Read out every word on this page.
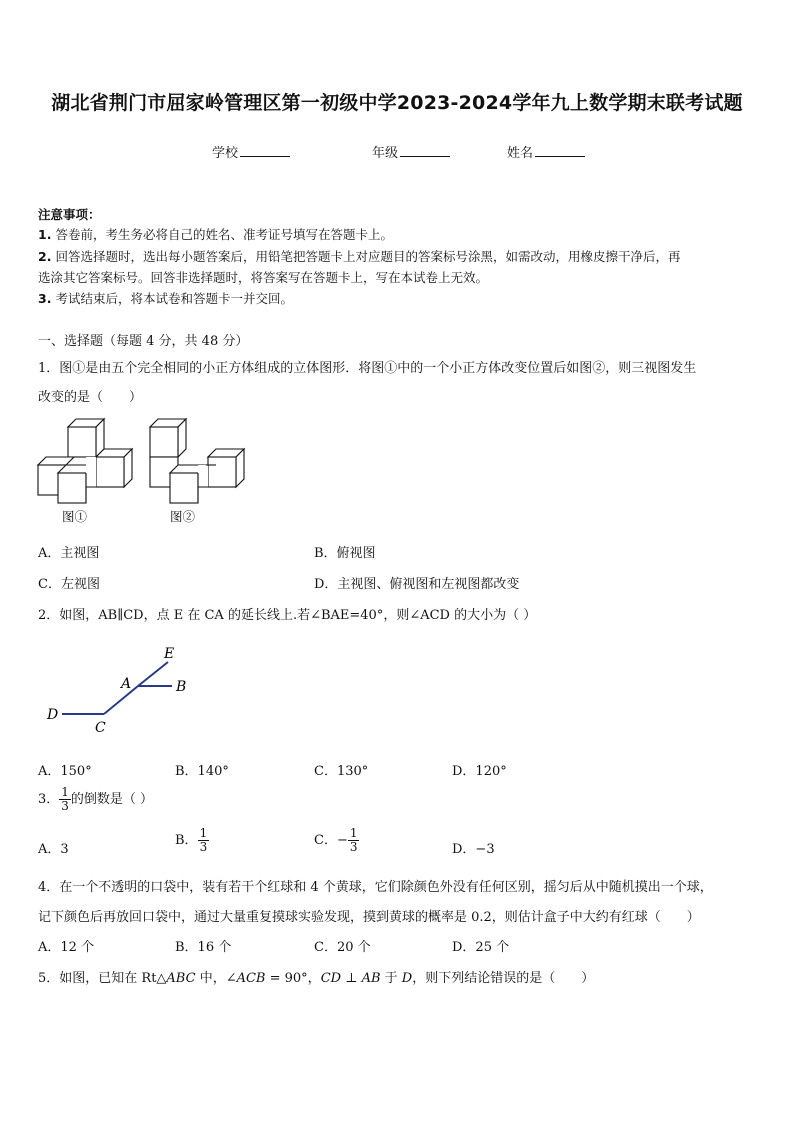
湖北省荆门市屈家岭管理区第一初级中学2023-2024学年九上数学期末联考试题
学校	年级	姓名
注意事项：
1. 答卷前，考生务必将自己的姓名、准考证号填写在答题卡上。
2. 回答选择题时，选出每小题答案后，用铅笔把答题卡上对应题目的答案标号涂黑，如需改动，用橡皮擦干净后，再
选涂其它答案标号。回答非选择题时，将答案写在答题卡上，写在本试卷上无效。
3. 考试结束后，将本试卷和答题卡一并交回。
一、选择题（每题 4 分，共 48 分）
1．图①是由五个完全相同的小正方体组成的立体图形．将图①中的一个小正方体改变位置后如图②，则三视图发生
改变的是（　　）
图①	图②
A．主视图	B．俯视图
C．左视图	D．主视图、俯视图和左视图都改变
2．如图，AB∥CD，点 E 在 CA 的延长线上.若∠BAE=40°，则∠ACD 的大小为（ ）
E
A	B
D
C
A．150°	B．140°	C．130°	D．120°
3． $\frac{1}{3}$ 的倒数是（ ）
A．3
B． $\frac{1}{3}$	C．− $\frac{1}{3}$	D．−3
4．在一个不透明的口袋中，装有若干个红球和 4 个黄球，它们除颜色外没有任何区别，摇匀后从中随机摸出一个球，
记下颜色后再放回口袋中，通过大量重复摸球实验发现，摸到黄球的概率是 0.2，则估计盒子中大约有红球（　　）
A．12 个	B．16 个	C．20 个	D．25 个
5．如图，已知在 Rt△ABC 中，∠ACB = 90°，CD ⊥ AB 于 D，则下列结论错误的是（　　）
